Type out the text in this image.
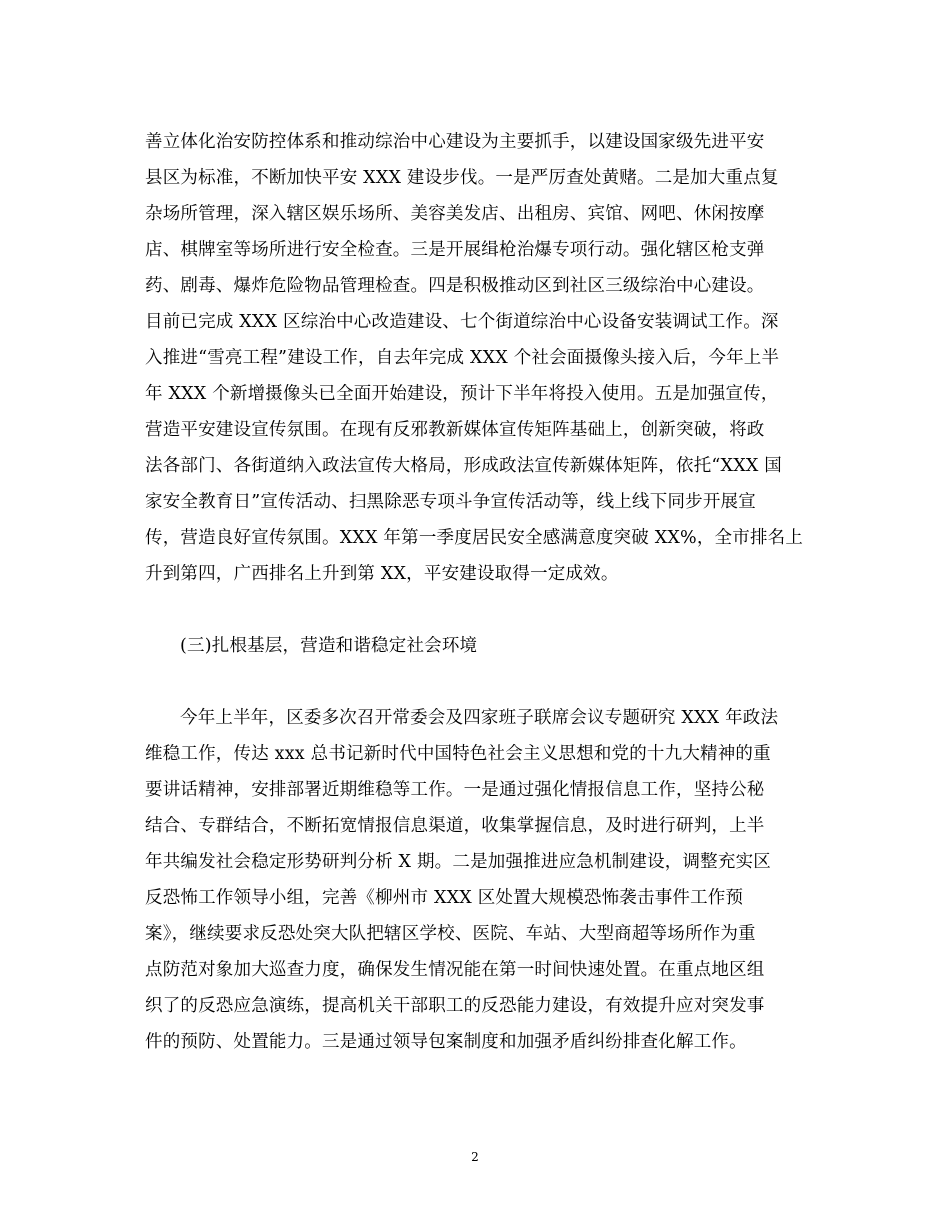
善立体化治安防控体系和推动综治中心建设为主要抓手，以建设国家级先进平安
县区为标准，不断加快平安 XXX 建设步伐。一是严厉查处黄赌。二是加大重点复
杂场所管理，深入辖区娱乐场所、美容美发店、出租房、宾馆、网吧、休闲按摩
店、棋牌室等场所进行安全检查。三是开展缉枪治爆专项行动。强化辖区枪支弹
药、剧毒、爆炸危险物品管理检查。四是积极推动区到社区三级综治中心建设。
目前已完成 XXX 区综治中心改造建设、七个街道综治中心设备安装调试工作。深
入推进“雪亮工程”建设工作，自去年完成 XXX 个社会面摄像头接入后，今年上半
年 XXX 个新增摄像头已全面开始建设，预计下半年将投入使用。五是加强宣传，
营造平安建设宣传氛围。在现有反邪教新媒体宣传矩阵基础上，创新突破，将政
法各部门、各街道纳入政法宣传大格局，形成政法宣传新媒体矩阵，依托“XXX 国
家安全教育日”宣传活动、扫黑除恶专项斗争宣传活动等，线上线下同步开展宣
传，营造良好宣传氛围。XXX 年第一季度居民安全感满意度突破 XX%，全市排名上
升到第四，广西排名上升到第 XX，平安建设取得一定成效。
(三)扎根基层，营造和谐稳定社会环境
今年上半年，区委多次召开常委会及四家班子联席会议专题研究 XXX 年政法
维稳工作，传达 xxx 总书记新时代中国特色社会主义思想和党的十九大精神的重
要讲话精神，安排部署近期维稳等工作。一是通过强化情报信息工作，坚持公秘
结合、专群结合，不断拓宽情报信息渠道，收集掌握信息，及时进行研判，上半
年共编发社会稳定形势研判分析 X 期。二是加强推进应急机制建设，调整充实区
反恐怖工作领导小组，完善《柳州市 XXX 区处置大规模恐怖袭击事件工作预
案》，继续要求反恐处突大队把辖区学校、医院、车站、大型商超等场所作为重
点防范对象加大巡查力度，确保发生情况能在第一时间快速处置。在重点地区组
织了的反恐应急演练，提高机关干部职工的反恐能力建设，有效提升应对突发事
件的预防、处置能力。三是通过领导包案制度和加强矛盾纠纷排查化解工作。
2
